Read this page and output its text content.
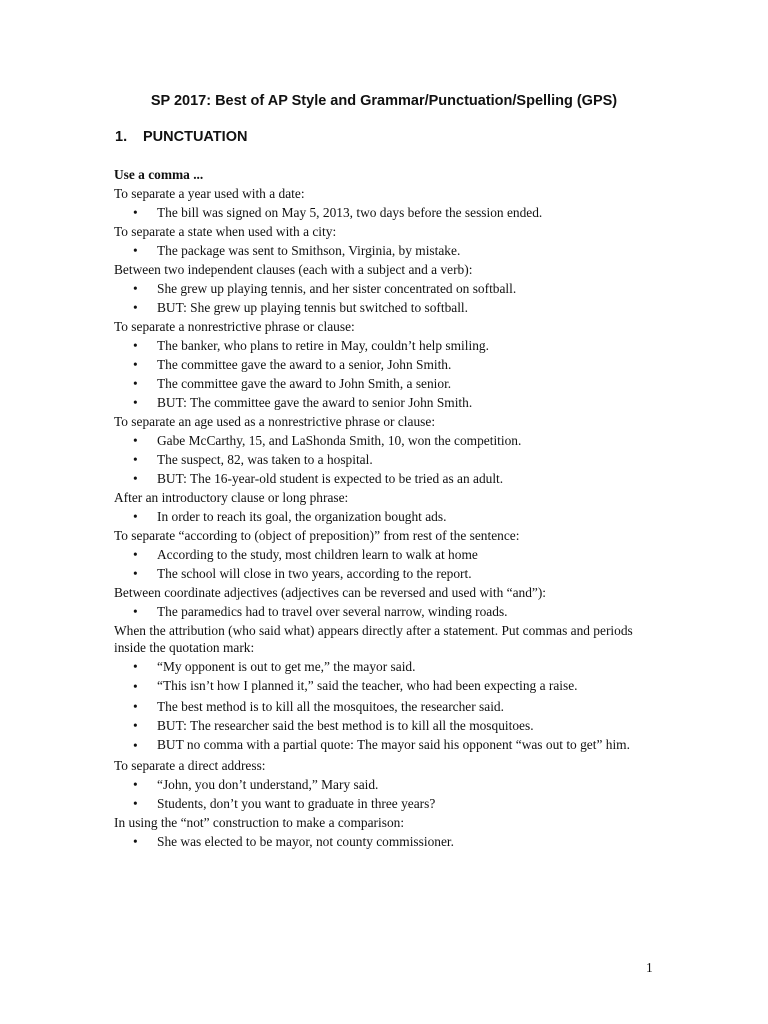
SP 2017: Best of AP Style and Grammar/Punctuation/Spelling (GPS)
1. PUNCTUATION
Use a comma ...
To separate a year used with a date:
•	The bill was signed on May 5, 2013, two days before the session ended.
To separate a state when used with a city:
•	The package was sent to Smithson, Virginia, by mistake.
Between two independent clauses (each with a subject and a verb):
•	She grew up playing tennis, and her sister concentrated on softball.
•	BUT: She grew up playing tennis but switched to softball.
To separate a nonrestrictive phrase or clause:
•	The banker, who plans to retire in May, couldn’t help smiling.
•	The committee gave the award to a senior, John Smith.
•	The committee gave the award to John Smith, a senior.
•	BUT: The committee gave the award to senior John Smith.
To separate an age used as a nonrestrictive phrase or clause:
•	Gabe McCarthy, 15, and LaShonda Smith, 10, won the competition.
•	The suspect, 82, was taken to a hospital.
•	BUT: The 16-year-old student is expected to be tried as an adult.
After an introductory clause or long phrase:
•	In order to reach its goal, the organization bought ads.
To separate “according to (object of preposition)” from rest of the sentence:
•	According to the study, most children learn to walk at home
•	The school will close in two years, according to the report.
Between coordinate adjectives (adjectives can be reversed and used with “and”):
•	The paramedics had to travel over several narrow, winding roads.
When the attribution (who said what) appears directly after a statement. Put commas and periods inside the quotation mark:
•	“My opponent is out to get me,” the mayor said.
•	“This isn’t how I planned it,” said the teacher, who had been expecting a raise.
•	The best method is to kill all the mosquitoes, the researcher said.
•	BUT: The researcher said the best method is to kill all the mosquitoes.
•	BUT no comma with a partial quote: The mayor said his opponent “was out to get” him.
To separate a direct address:
•	“John, you don’t understand,” Mary said.
•	Students, don’t you want to graduate in three years?
In using the “not” construction to make a comparison:
•	She was elected to be mayor, not county commissioner.
1
